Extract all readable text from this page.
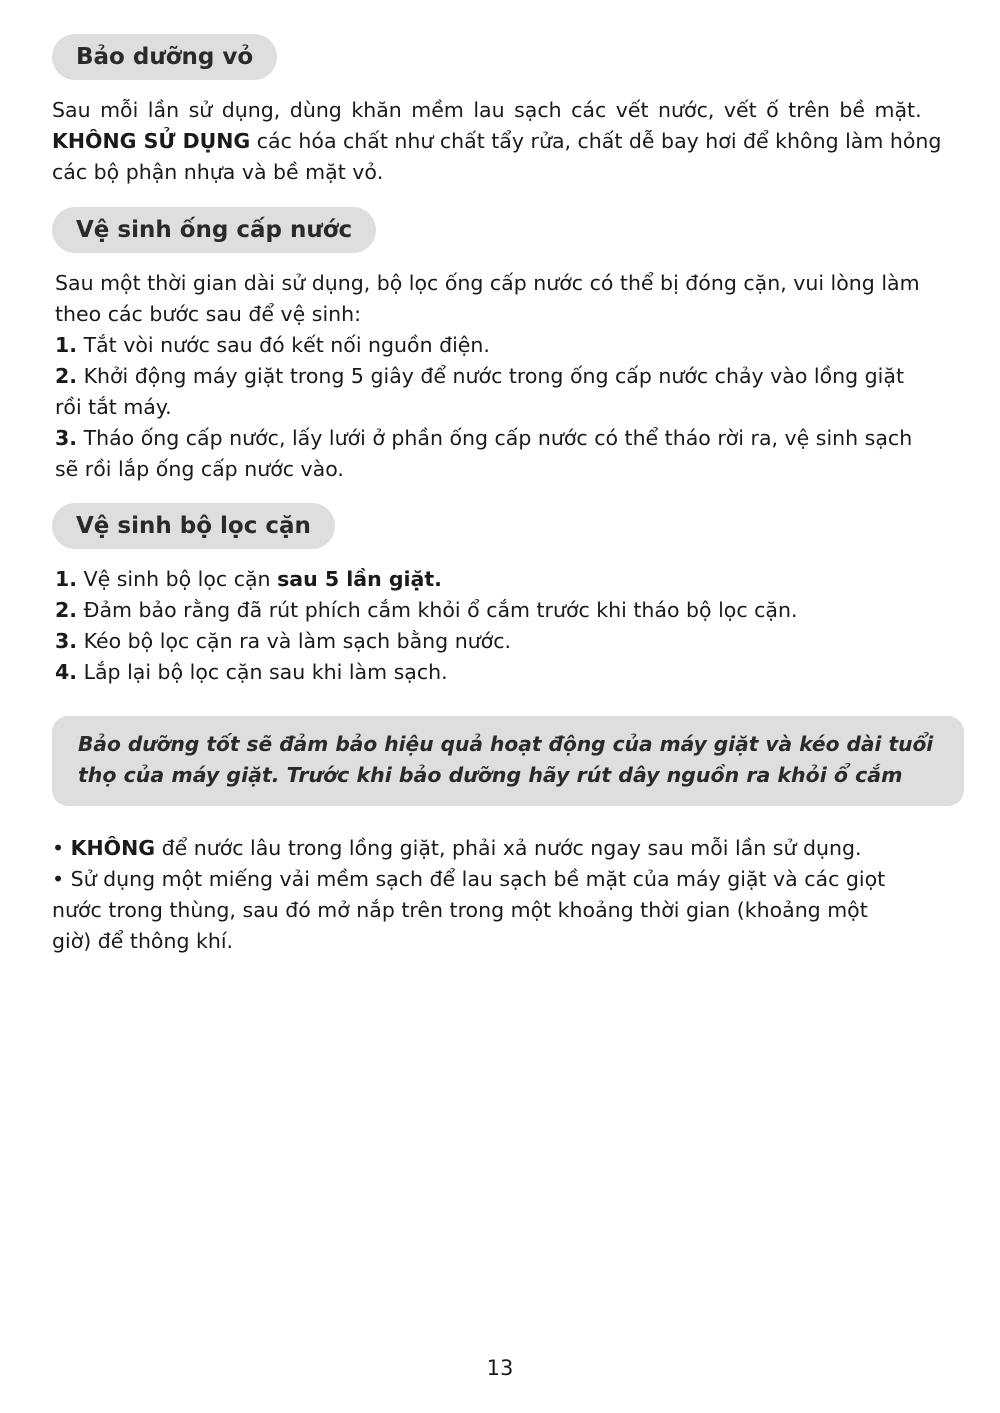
Bảo dưỡng vỏ
Sau mỗi lần sử dụng, dùng khăn mềm lau sạch các vết nước, vết ố trên bề mặt.
KHÔNG SỬ DỤNG các hóa chất như chất tẩy rửa, chất dễ bay hơi để không làm hỏng
các bộ phận nhựa và bề mặt vỏ.
Vệ sinh ống cấp nước
Sau một thời gian dài sử dụng, bộ lọc ống cấp nước có thể bị đóng cặn, vui lòng làm
theo các bước sau để vệ sinh:
1. Tắt vòi nước sau đó kết nối nguồn điện.
2. Khởi động máy giặt trong 5 giây để nước trong ống cấp nước chảy vào lồng giặt
rồi tắt máy.
3. Tháo ống cấp nước, lấy lưới ở phần ống cấp nước có thể tháo rời ra, vệ sinh sạch
sẽ rồi lắp ống cấp nước vào.
Vệ sinh bộ lọc cặn
1. Vệ sinh bộ lọc cặn sau 5 lần giặt.
2. Đảm bảo rằng đã rút phích cắm khỏi ổ cắm trước khi tháo bộ lọc cặn.
3. Kéo bộ lọc cặn ra và làm sạch bằng nước.
4. Lắp lại bộ lọc cặn sau khi làm sạch.
Bảo dưỡng tốt sẽ đảm bảo hiệu quả hoạt động của máy giặt và kéo dài tuổi
thọ của máy giặt. Trước khi bảo dưỡng hãy rút dây nguồn ra khỏi ổ cắm
• KHÔNG để nước lâu trong lồng giặt, phải xả nước ngay sau mỗi lần sử dụng.
• Sử dụng một miếng vải mềm sạch để lau sạch bề mặt của máy giặt và các giọt
nước trong thùng, sau đó mở nắp trên trong một khoảng thời gian (khoảng một
giờ) để thông khí.
13
